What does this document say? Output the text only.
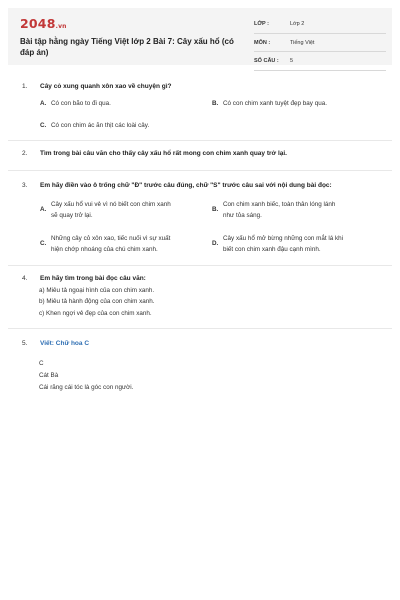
2048.vn
Bài tập hằng ngày Tiếng Việt lớp 2 Bài 7: Cây xấu hổ (có đáp án)
LỚP :	Lớp 2
MÔN :	Tiếng Việt
SỐ CÂU : 5
1.	Cây cỏ xung quanh xôn xao về chuyện gì?
A. Có con bão to đi qua.	B. Có con chim xanh tuyệt đẹp bay qua.
C. Có con chim ác ăn thịt các loài cây.
2.	Tìm trong bài câu văn cho thấy cây xấu hổ rất mong con chim xanh quay trở lại.
3.	Em hãy điền vào ô trống chữ "Đ" trước câu đúng, chữ "S" trước câu sai với nội dung bài đọc:
A.
Cây xấu hổ vui vẻ vì nó biết con chim xanh
sẽ quay trở lại.
B.
Con chim xanh biếc, toàn thân lóng lánh
như tỏa sáng.
C.
Những cây cỏ xôn xao, tiếc nuối vì sự xuất
hiện chớp nhoáng của chú chim xanh.
D.
Cây xấu hổ mở bừng những con mắt lá khi
biết con chim xanh đậu cạnh mình.
4.	Em hãy tìm trong bài đọc câu văn:
a) Miêu tả ngoại hình của con chim xanh.
b) Miêu tả hành động của con chim xanh.
c) Khen ngợi vẻ đẹp của con chim xanh.
5.	Viết: Chữ hoa C
C
Cát Bà
Cái răng cái tóc là góc con người.
